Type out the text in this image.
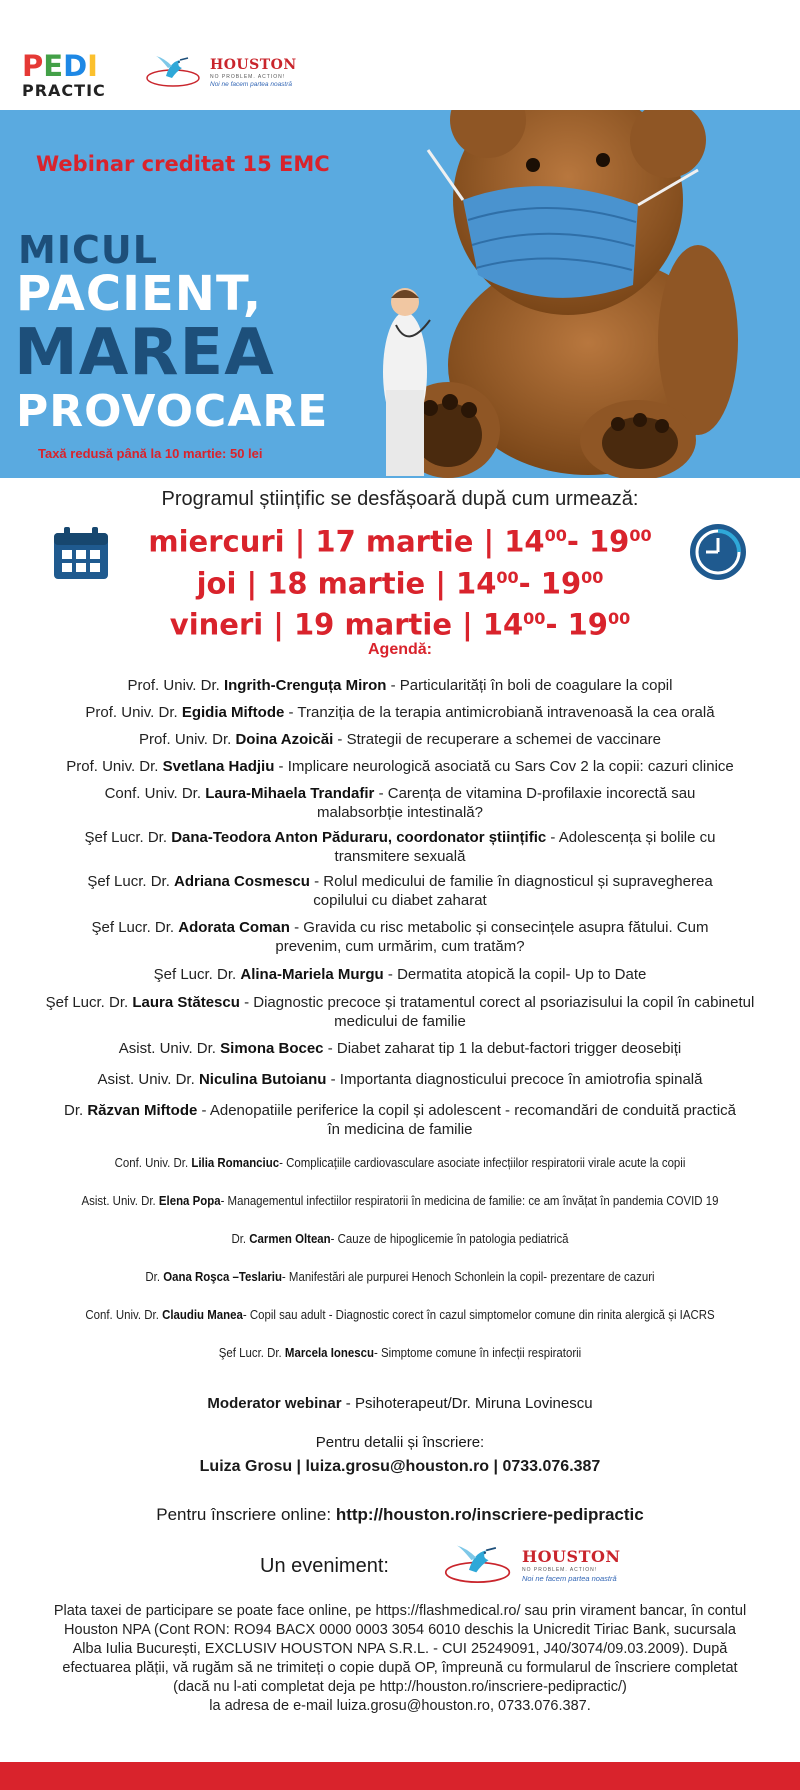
P E D I
PRACTIC
HOUSTON
NO PROBLEM. ACTION!
Noi ne facem partea noastră
Webinar creditat 15 EMC
MICUL
PACIENT,
MAREA
PROVOCARE
Taxă redusă până la 10 martie: 50 lei
Programul științific se desfășoară după cum urmează:
miercuri | 17 martie | $14^{00}-$ $19^{00}$
joi | 18 martie | $14^{00}-$ $19^{00}$
vineri | 19 martie | $14^{00}-$ $19^{00}$
Agendă:
Prof. Univ. Dr. Ingrith-Crenguța Miron - Particularități în boli de coagulare la copil
Prof. Univ. Dr. Egidia Miftode - Tranziția de la terapia antimicrobiană intravenoasă la cea orală
Prof. Univ. Dr. Doina Azoicăi - Strategii de recuperare a schemei de vaccinare
Prof. Univ. Dr. Svetlana Hadjiu - Implicare neurologică asociată cu Sars Cov 2 la copii: cazuri clinice
Conf. Univ. Dr. Laura-Mihaela Trandafir - Carența de vitamina D-profilaxie incorectă sau malabsorbție intestinală?
Şef Lucr. Dr. Dana-Teodora Anton Păduraru, coordonator științific - Adolescența și bolile cu transmitere sexuală
Şef Lucr. Dr. Adriana Cosmescu - Rolul medicului de familie în diagnosticul și supravegherea copilului cu diabet zaharat
Şef Lucr. Dr. Adorata Coman - Gravida cu risc metabolic și consecințele asupra fătului. Cum prevenim, cum urmărim, cum tratăm?
Şef Lucr. Dr. Alina-Mariela Murgu - Dermatita atopică la copil- Up to Date
Şef Lucr. Dr. Laura Stătescu - Diagnostic precoce și tratamentul corect al psoriazisului la copil în cabinetul medicului de familie
Asist. Univ. Dr. Simona Bocec - Diabet zaharat tip 1 la debut-factori trigger deosebiți
Asist. Univ. Dr. Niculina Butoianu - Importanta diagnosticului precoce în amiotrofia spinală
Dr. Răzvan Miftode - Adenopatiile periferice la copil și adolescent - recomandări de conduită practică în medicina de familie
Conf. Univ. Dr. Lilia Romanciuc- Complicațiile cardiovasculare asociate infecțiilor respiratorii virale acute la copii
Asist. Univ. Dr. Elena Popa- Managementul infectiilor respiratorii în medicina de familie: ce am învățat în pandemia COVID 19
Dr. Carmen Oltean- Cauze de hipoglicemie în patologia pediatrică
Dr. Oana Roşca –Teslariu- Manifestări ale purpurei Henoch Schonlein la copil- prezentare de cazuri
Conf. Univ. Dr. Claudiu Manea- Copil sau adult - Diagnostic corect în cazul simptomelor comune din rinita alergică și IACRS
Şef Lucr. Dr. Marcela Ionescu- Simptome comune în infecții respiratorii
Moderator webinar - Psihoterapeut/Dr. Miruna Lovinescu
Pentru detalii și înscriere:
Luiza Grosu | luiza.grosu@houston.ro | 0733.076.387
Pentru înscriere online: http://houston.ro/inscriere-pedipractic
Un eveniment:	HOUSTON
NO PROBLEM. ACTION!
Noi ne facem partea noastră

Plata taxei de participare se poate face online, pe https://flashmedical.ro/ sau prin virament bancar, în contul Houston NPA (Cont RON: RO94 BACX 0000 0003 3054 6010 deschis la Unicredit Tiriac Bank, sucursala Alba Iulia București, EXCLUSIV HOUSTON NPA S.R.L. - CUI 25249091, J40/3074/09.03.2009). După efectuarea plății, vă rugăm să ne trimiteți o copie după OP, împreună cu formularul de înscriere completat

(dacă nu l-ati completat deja pe http://houston.ro/inscriere-pedipractic/)

la adresa de e-mail luiza.grosu@houston.ro, 0733.076.387.
